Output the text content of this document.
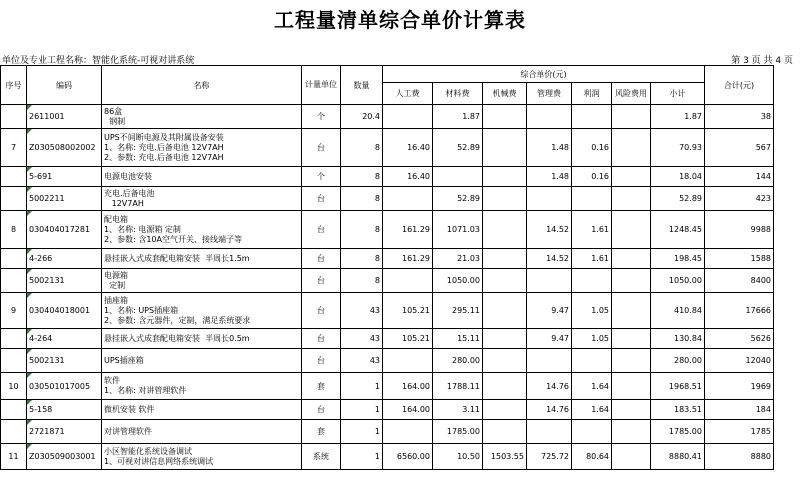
工程量清单综合单价计算表
单位及专业工程名称：智能化系统-可视对讲系统	第 3 页 共 4 页
序号	编码	名称	计量单位	数量	综合单价(元)							合计(元)
					人工费	材料费	机械费	管理费	利润	风险费用	小计	
	2611001	86盒
钢制	个	20.4		1.87					1.87	38
7	Z030508002002	UPS不间断电源及其附属设备安装
1、名称: 充电.后备电池 12V7AH
2、参数: 充电.后备电池 12V7AH	台	8	16.40	52.89		1.48	0.16		70.93	567
	5-691	电源电池安装	个	8	16.40			1.48	0.16		18.04	144
	5002211	充电.后备电池
12V7AH	台	8		52.89					52.89	423
8	030404017281	配电箱
1、名称: 电源箱 定制
2、参数: 含10A空气开关、接线端子等	台	8	161.29	1071.03		14.52	1.61		1248.45	9988
	4-266	悬挂嵌入式成套配电箱安装  半周长1.5m	台	8	161.29	21.03		14.52	1.61		198.45	1588
	5002131	电源箱
定制	台	8		1050.00					1050.00	8400
9	030404018001	插座箱
1、名称: UPS插座箱
2、参数: 含元器件，定制，满足系统要求	台	43	105.21	295.11		9.47	1.05		410.84	17666
	4-264	悬挂嵌入式成套配电箱安装  半周长0.5m	台	43	105.21	15.11		9.47	1.05		130.84	5626
	5002131	UPS插座箱	台	43		280.00					280.00	12040
10	030501017005	软件
1、名称: 对讲管理软件	套	1	164.00	1788.11		14.76	1.64		1968.51	1969
	5-158	微机安装 软件	台	1	164.00	3.11		14.76	1.64		183.51	184
	2721871	对讲管理软件	套	1		1785.00					1785.00	1785
11	Z030509003001	小区智能化系统设备调试
1、可视对讲信息网络系统调试	系统	1	6560.00	10.50	1503.55	725.72	80.64		8880.41	8880
